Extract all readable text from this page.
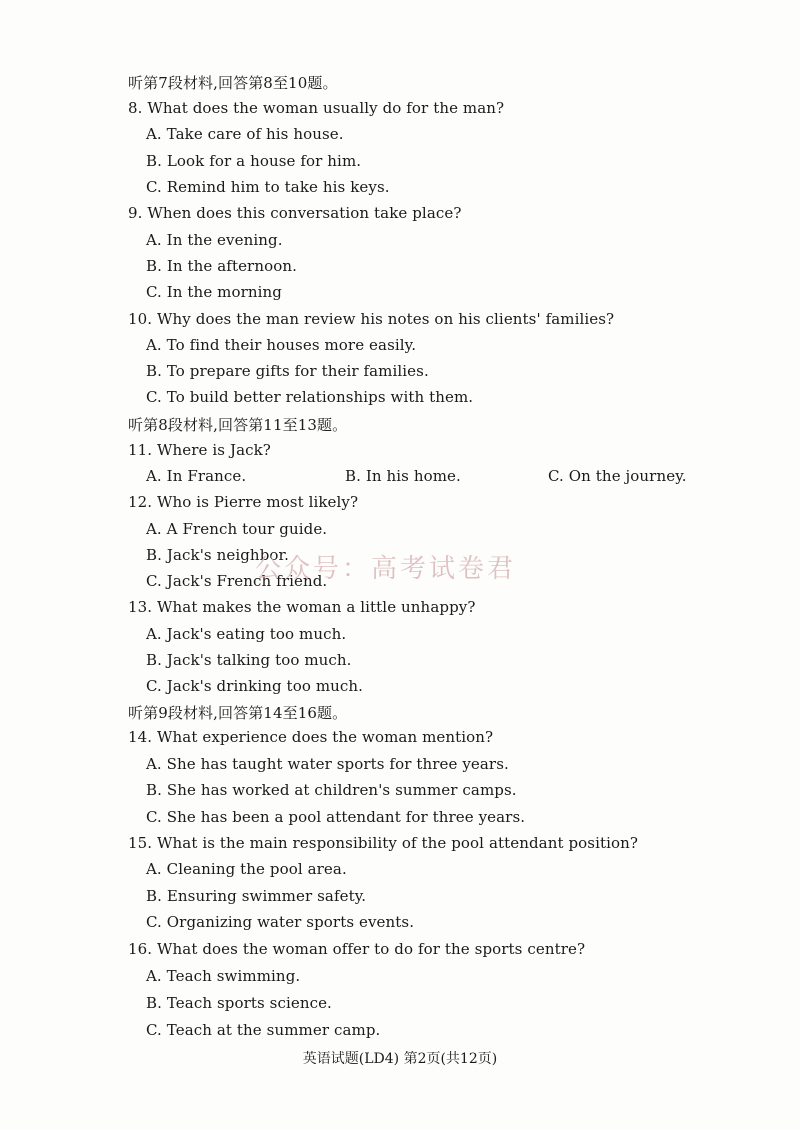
听第7段材料,回答第8至10题。
8. What does the woman usually do for the man?
A. Take care of his house.
B. Look for a house for him.
C. Remind him to take his keys.
9. When does this conversation take place?
A. In the evening.
B. In the afternoon.
C. In the morning
10. Why does the man review his notes on his clients' families?
A. To find their houses more easily.
B. To prepare gifts for their families.
C. To build better relationships with them.
听第8段材料,回答第11至13题。
11. Where is Jack?
A. In France.	B. In his home.	C. On the journey.
12. Who is Pierre most likely?
A. A French tour guide.
B. Jack's neighbor.
C. Jack's French friend.
13. What makes the woman a little unhappy?
A. Jack's eating too much.
B. Jack's talking too much.
C. Jack's drinking too much.
听第9段材料,回答第14至16题。
14. What experience does the woman mention?
A. She has taught water sports for three years.
B. She has worked at children's summer camps.
C. She has been a pool attendant for three years.
15. What is the main responsibility of the pool attendant position?
A. Cleaning the pool area.
B. Ensuring swimmer safety.
C. Organizing water sports events.
16. What does the woman offer to do for the sports centre?
A. Teach swimming.
B. Teach sports science.
C. Teach at the summer camp.
公众号：高考试卷君
英语试题(LD4) 第2页(共12页)
